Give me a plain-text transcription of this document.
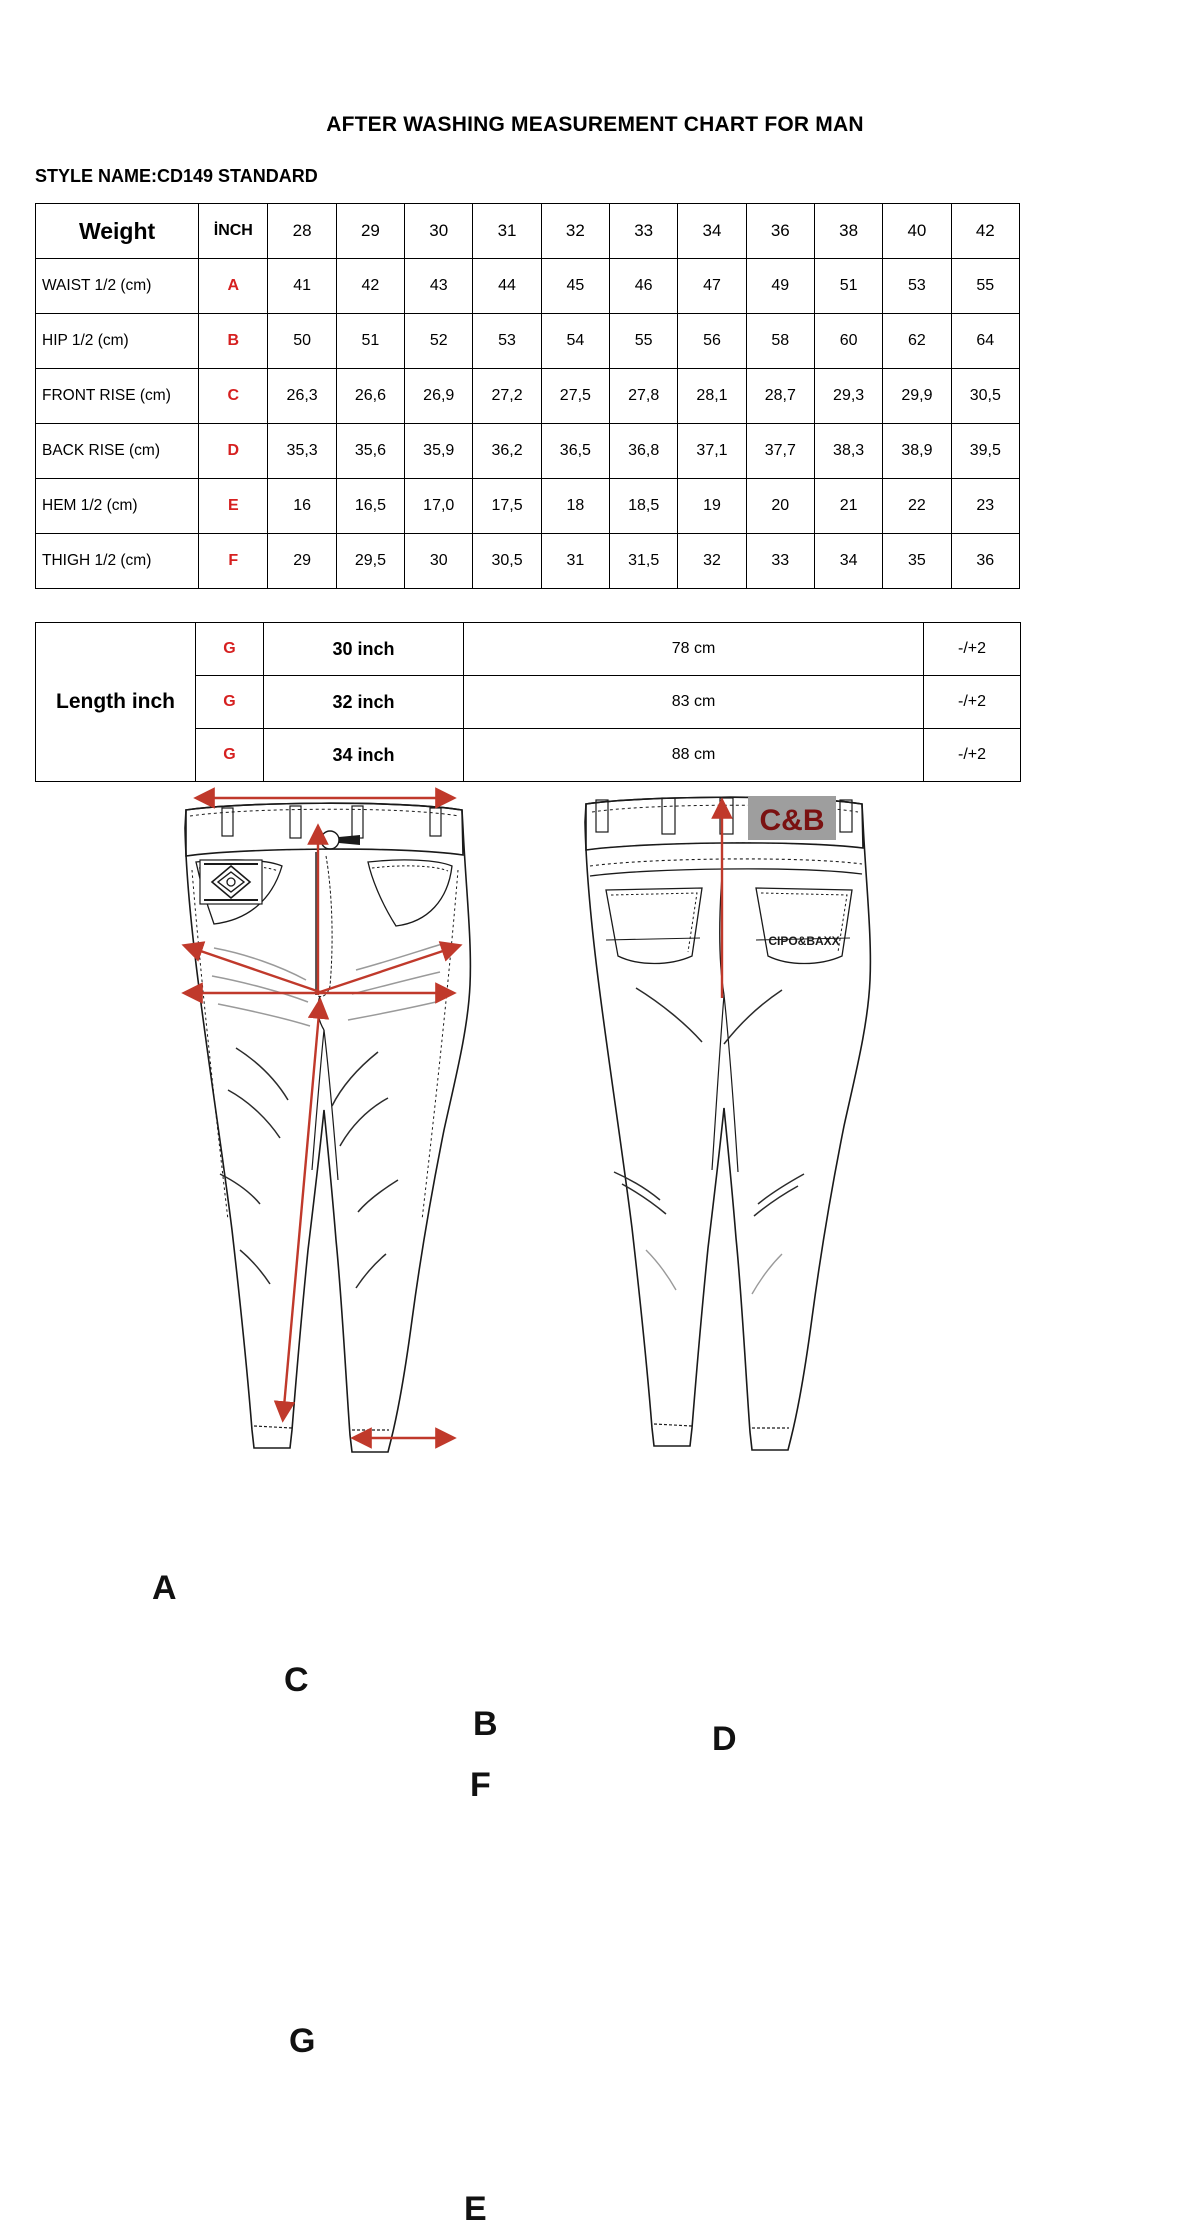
AFTER WASHING MEASUREMENT CHART FOR MAN
STYLE NAME:CD149 STANDARD
Weight	İNCH	28	29	30	31	32	33	34	36	38	40	42
WAIST 1/2 (cm)	A	41	42	43	44	45	46	47	49	51	53	55
HIP 1/2 (cm)	B	50	51	52	53	54	55	56	58	60	62	64
FRONT RISE (cm)	C	26,3	26,6	26,9	27,2	27,5	27,8	28,1	28,7	29,3	29,9	30,5
BACK RISE (cm)	D	35,3	35,6	35,9	36,2	36,5	36,8	37,1	37,7	38,3	38,9	39,5
HEM 1/2 (cm)	E	16	16,5	17,0	17,5	18	18,5	19	20	21	22	23
THIGH 1/2 (cm)	F	29	29,5	30	30,5	31	31,5	32	33	34	35	36
Length inch	G	30 inch	78 cm	-/+2
	G	32 inch	83 cm	-/+2
	G	34 inch	88 cm	-/+2
C&B
CIPO&BAXX
A
C
B
F
G
E
D
